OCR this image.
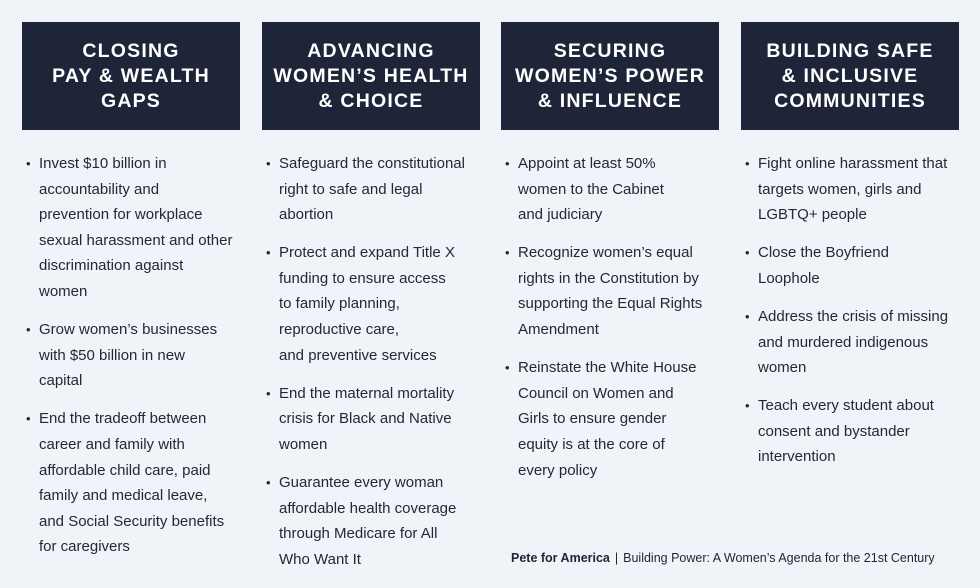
CLOSING
PAY & WEALTH
GAPS
• Invest $10 billion in
accountability and
prevention for workplace
sexual harassment and other
discrimination against
women
• Grow women’s businesses
with $50 billion in new
capital
• End the tradeoff between
career and family with
affordable child care, paid
family and medical leave,
and Social Security benefits
for caregivers
ADVANCING
WOMEN’S HEALTH
& CHOICE
• Safeguard the constitutional
right to safe and legal
abortion
• Protect and expand Title X
funding to ensure access
to family planning,
reproductive care,
and preventive services
• End the maternal mortality
crisis for Black and Native
women
• Guarantee every woman
affordable health coverage
through Medicare for All
Who Want It
SECURING
WOMEN’S POWER
& INFLUENCE
• Appoint at least 50%
women to the Cabinet
and judiciary
• Recognize women’s equal
rights in the Constitution by
supporting the Equal Rights
Amendment
• Reinstate the White House
Council on Women and
Girls to ensure gender
equity is at the core of
every policy
BUILDING SAFE
& INCLUSIVE
COMMUNITIES
• Fight online harassment that
targets women, girls and
LGBTQ+ people
• Close the Boyfriend
Loophole
• Address the crisis of missing
and murdered indigenous
women
• Teach every student about
consent and bystander
intervention
Pete for America | Building Power: A Women’s Agenda for the 21st Century
